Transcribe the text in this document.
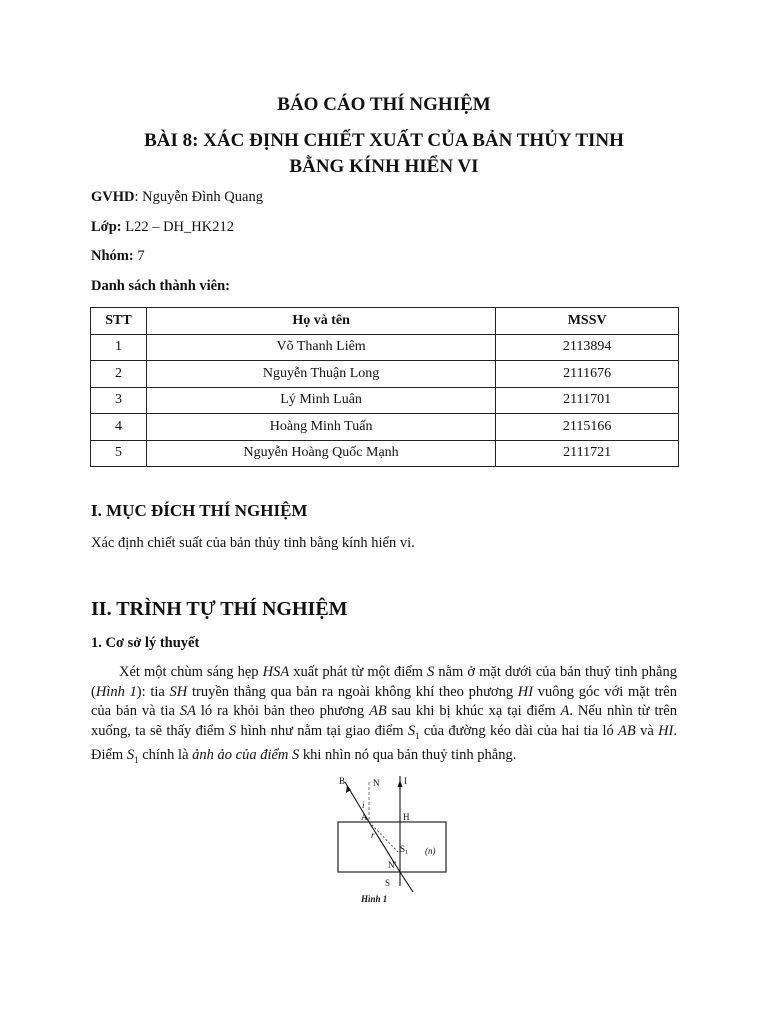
BÁO CÁO THÍ NGHIỆM
BÀI 8: XÁC ĐỊNH CHIẾT XUẤT CỦA BẢN THỦY TINH
BẰNG KÍNH HIỂN VI
GVHD: Nguyễn Đình Quang
Lớp: L22 – DH_HK212
Nhóm: 7
Danh sách thành viên:
STT	Họ và tên	MSSV
1	Võ Thanh Liêm	2113894
2	Nguyễn Thuận Long	2111676
3	Lý Minh Luân	2111701
4	Hoàng Minh Tuấn	2115166
5	Nguyễn Hoàng Quốc Mạnh	2111721
I. MỤC ĐÍCH THÍ NGHIỆM
Xác định chiết suất của bản thủy tinh bằng kính hiển vi.
II. TRÌNH TỰ THÍ NGHIỆM
1. Cơ sở lý thuyết

Xét một chùm sáng hẹp HSA xuất phát từ một điểm S nằm ở mặt dưới của bản thuỷ tinh phẳng (Hình 1): tia SH truyền thẳng qua bản ra ngoài không khí theo phương HI vuông góc với mặt trên của bản và tia SA ló ra khỏi bản theo phương AB sau khi bị khúc xạ tại điểm A. Nếu nhìn từ trên xuống, ta sẽ thấy điểm S hình như nằm tại giao điểm $S_1$ của đường kéo dài của hai tia ló AB và HI. Điểm $S_1$ chính là ảnh ảo của điểm S khi nhìn nó qua bản thuỷ tinh phẳng.

B	N	I
i
A	H
r
$S_1$ (n)
N'
S
Hình 1
